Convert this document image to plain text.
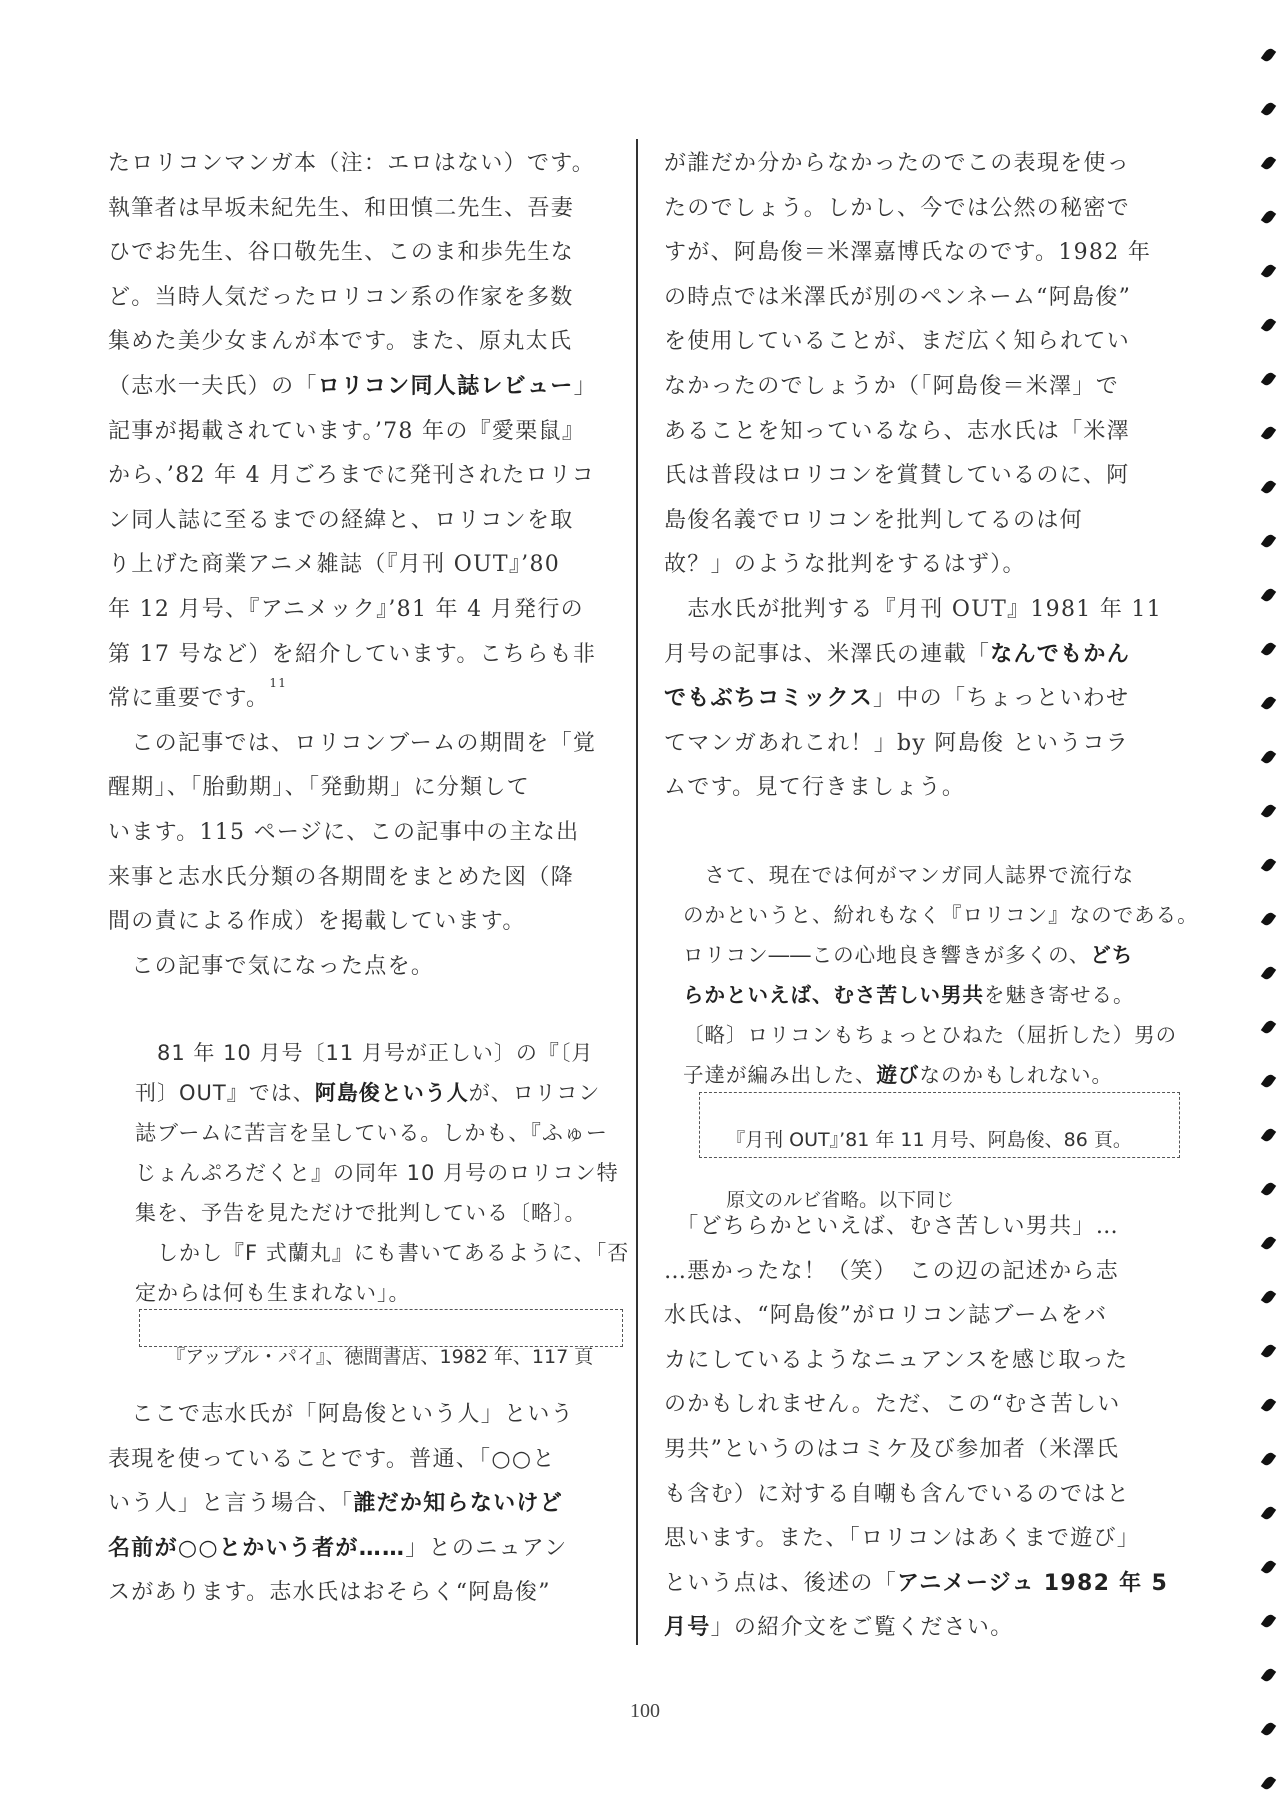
たロリコンマンガ本（注：エロはない）です。
執筆者は早坂未紀先生、和田慎二先生、吾妻
ひでお先生、谷口敬先生、このま和歩先生な
ど。当時人気だったロリコン系の作家を多数
集めた美少女まんが本です。また、原丸太氏
（志水一夫氏）の「ロリコン同人誌レビュー」
記事が掲載されています。’78 年の『愛栗鼠』
から、’82 年 4 月ごろまでに発刊されたロリコ
ン同人誌に至るまでの経緯と、ロリコンを取
り上げた商業アニメ雑誌（『月刊 OUT』’80
年 12 月号、『アニメック』’81 年 4 月発行の
第 17 号など）を紹介しています。こちらも非
常に重要です。$^{11}$
　この記事では、ロリコンブームの期間を「覚
醒期」、「胎動期」、「発動期」に分類して
います。115 ページに、この記事中の主な出
来事と志水氏分類の各期間をまとめた図（降
間の責による作成）を掲載しています。
　この記事で気になった点を。
　81 年 10 月号〔11 月号が正しい〕の『〔月
刊〕OUT』では、阿島俊という人が、ロリコン
誌ブームに苦言を呈している。しかも、『ふゅー
じょんぷろだくと』の同年 10 月号のロリコン特
集を、予告を見ただけで批判している〔略〕。
　しかし『F 式蘭丸』にも書いてあるように、「否
定からは何も生まれない」。

『アップル・パイ』、徳間書店、1982 年、117 頁

　ここで志水氏が「阿島俊という人」という
表現を使っていることです。普通、「○○と
いう人」と言う場合、「誰だか知らないけど
名前が○○とかいう者が……」とのニュアン
スがあります。志水氏はおそらく“阿島俊”
が誰だか分からなかったのでこの表現を使っ
たのでしょう。しかし、今では公然の秘密で
すが、阿島俊＝米澤嘉博氏なのです。1982 年
の時点では米澤氏が別のペンネーム“阿島俊”
を使用していることが、まだ広く知られてい
なかったのでしょうか（「阿島俊＝米澤」で
あることを知っているなら、志水氏は「米澤
氏は普段はロリコンを賞賛しているのに、阿
島俊名義でロリコンを批判してるのは何
故？」のような批判をするはず）。
　志水氏が批判する『月刊 OUT』1981 年 11
月号の記事は、米澤氏の連載「なんでもかん
でもぶちコミックス」中の「ちょっといわせ
てマンガあれこれ！」by 阿島俊 というコラ
ムです。見て行きましょう。
　さて、現在では何がマンガ同人誌界で流行な
のかというと、紛れもなく『ロリコン』なのである。
ロリコン――この心地良き響きが多くの、どち
らかといえば、むさ苦しい男共を魅き寄せる。
〔略〕ロリコンもちょっとひねた（屈折した）男の
子達が編み出した、遊びなのかもしれない。

『月刊 OUT』’81 年 11 月号、阿島俊、86 頁。

原文のルビ省略。以下同じ

　「どちらかといえば、むさ苦しい男共」…
…悪かったな！（笑）　この辺の記述から志
水氏は、“阿島俊”がロリコン誌ブームをバ
カにしているようなニュアンスを感じ取った
のかもしれません。ただ、この“むさ苦しい
男共”というのはコミケ及び参加者（米澤氏
も含む）に対する自嘲も含んでいるのではと
思います。また、「ロリコンはあくまで遊び」
という点は、後述の「アニメージュ 1982 年 5
月号」の紹介文をご覧ください。
100
